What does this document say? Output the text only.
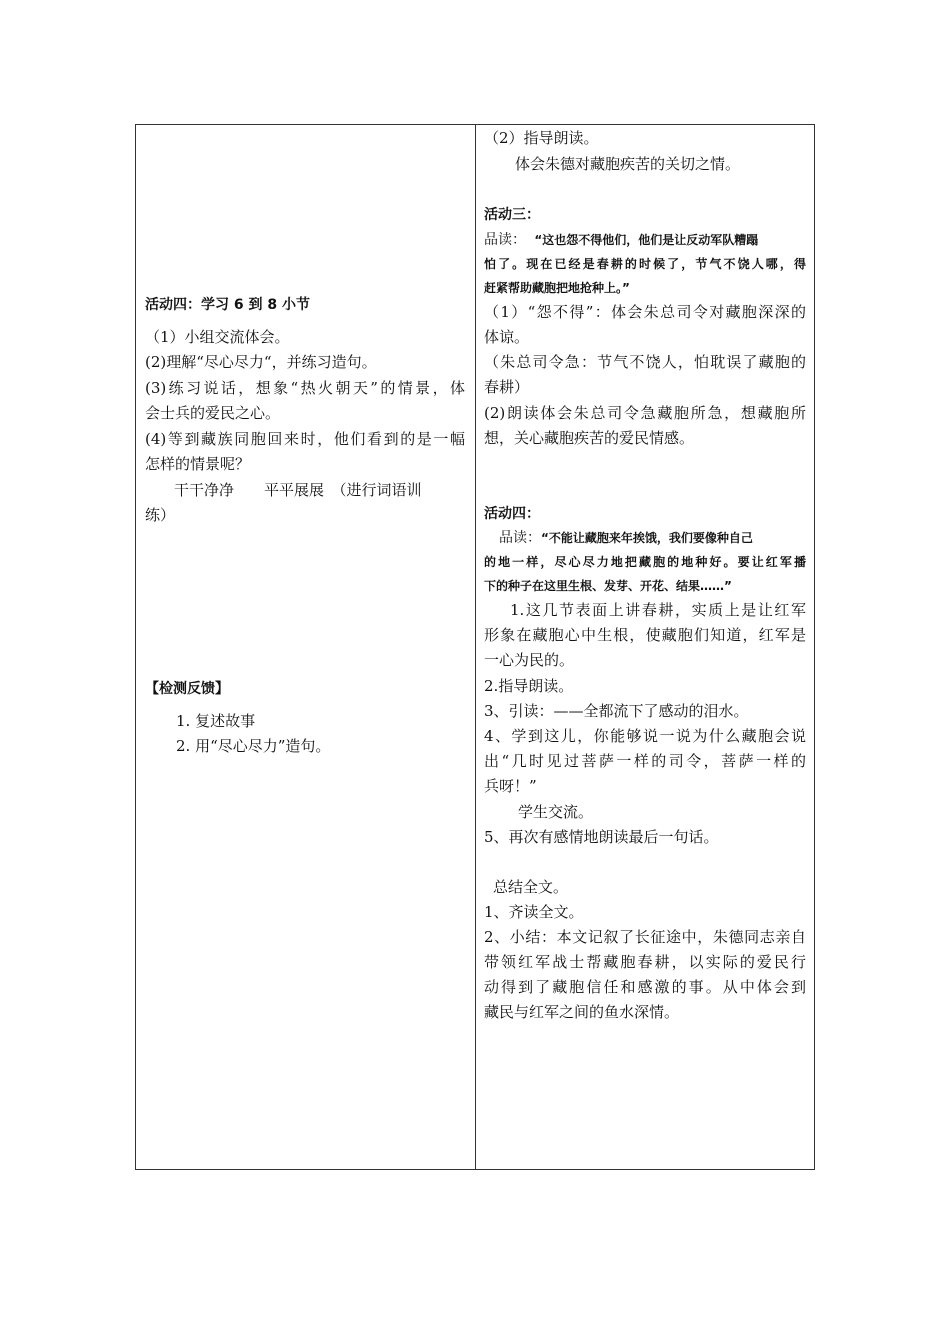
活动四：学习 6 到 8 小节
（1）小组交流体会。
(2)理解“尽心尽力“，并练习造句。
(3)练习说话，想象“热火朝天”的情景，体
会士兵的爱民之心。
(4)等到藏族同胞回来时，他们看到的是一幅
怎样的情景呢？
干干净净　　平平展展　（进行词语训
练）
【检测反馈】
1. 复述故事
2. 用“尽心尽力”造句。
（2）指导朗读。
体会朱德对藏胞疾苦的关切之情。
活动三：
品读： “这也怨不得他们，他们是让反动军队糟蹋
怕了。现在已经是春耕的时候了，节气不饶人哪，得
赶紧帮助藏胞把地抢种上。”
（1）“怨不得”：体会朱总司令对藏胞深深的
体谅。
（朱总司令急：节气不饶人，怕耽误了藏胞的
春耕）
(2)朗读体会朱总司令急藏胞所急，想藏胞所
想，关心藏胞疾苦的爱民情感。
活动四：
品读：“不能让藏胞来年挨饿，我们要像种自己
的地一样，尽心尽力地把藏胞的地种好。要让红军播
下的种子在这里生根、发芽、开花、结果……”
1.这几节表面上讲春耕，实质上是让红军
形象在藏胞心中生根，使藏胞们知道，红军是
一心为民的。
2.指导朗读。
3、引读：——全都流下了感动的泪水。
4、学到这儿，你能够说一说为什么藏胞会说
出“几时见过菩萨一样的司令，菩萨一样的
兵呀！”
学生交流。
5、再次有感情地朗读最后一句话。
总结全文。
1、齐读全文。
2、小结：本文记叙了长征途中，朱德同志亲自
带领红军战士帮藏胞春耕，以实际的爱民行
动得到了藏胞信任和感激的事。从中体会到
藏民与红军之间的鱼水深情。
